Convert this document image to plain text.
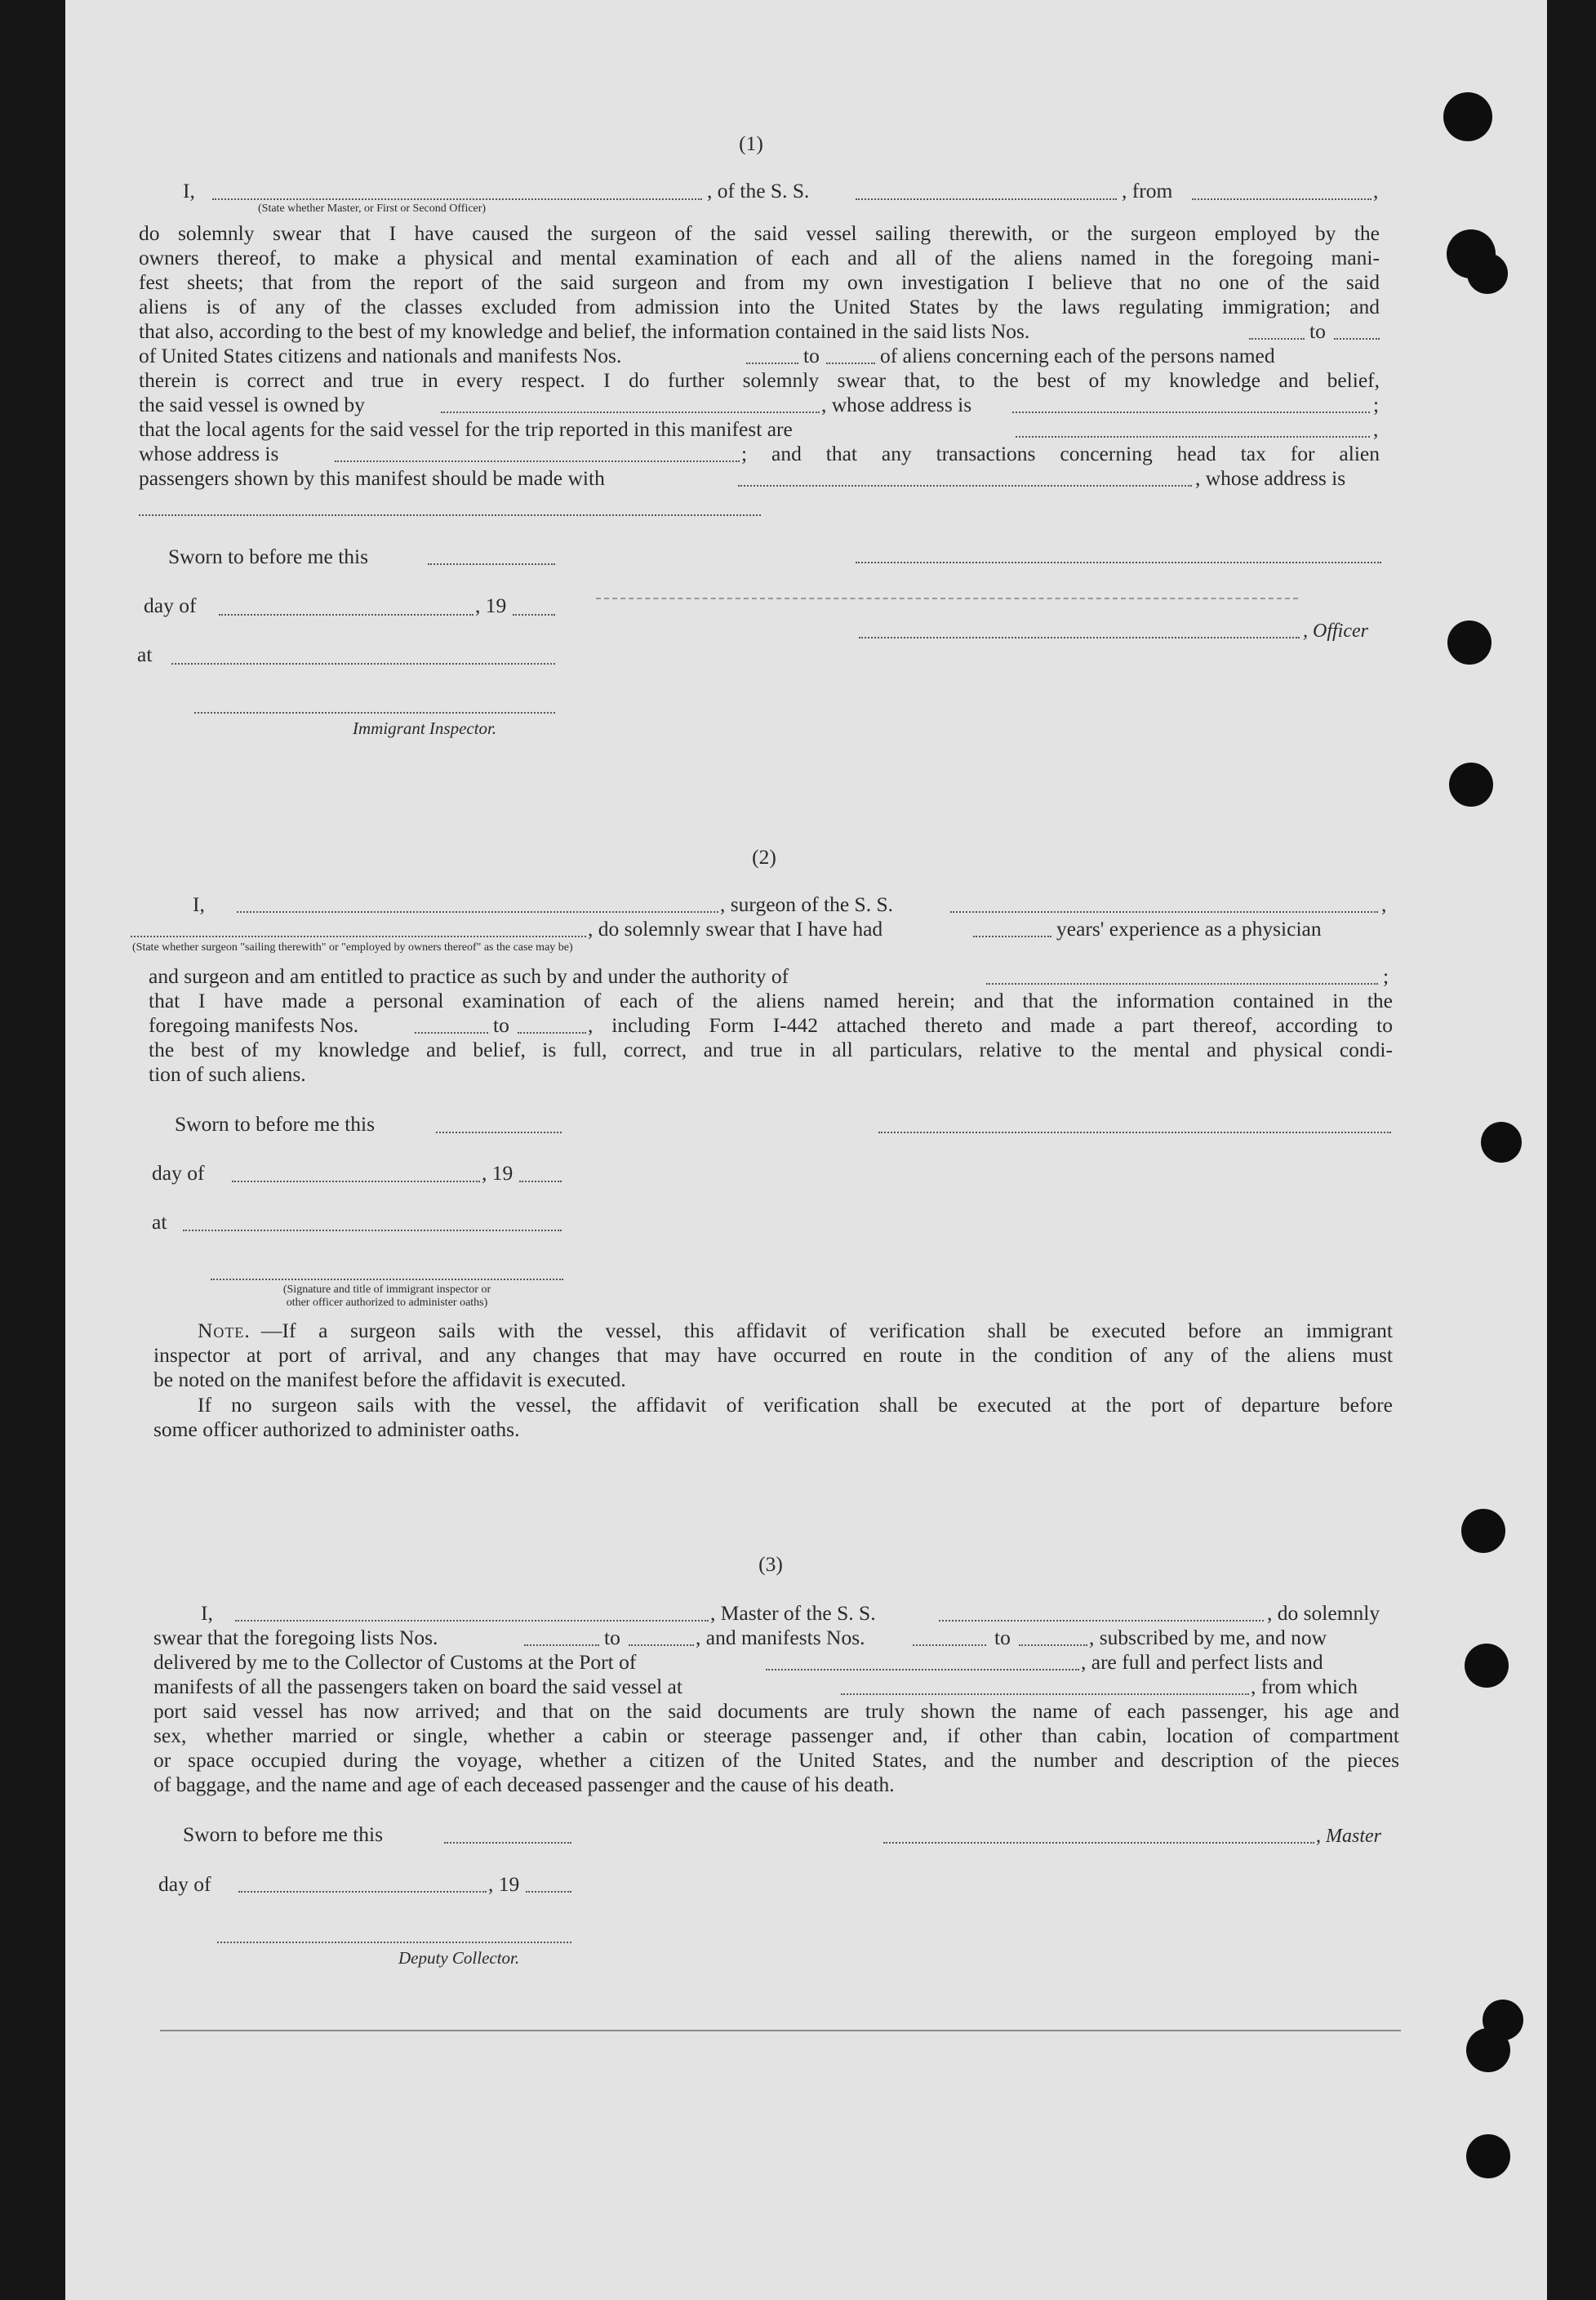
(1)
I,	, of the S. S.	, from	,
(State whether Master, or First or Second Officer)
do solemnly swear that I have caused the surgeon of the said vessel sailing therewith, or the surgeon employed by the
owners thereof, to make a physical and mental examination of each and all of the aliens named in the foregoing mani-
fest sheets; that from the report of the said surgeon and from my own investigation I believe that no one of the said
aliens is of any of the classes excluded from admission into the United States by the laws regulating immigration; and
that also, according to the best of my knowledge and belief, the information contained in the said lists Nos.	to
of United States citizens and nationals and manifests Nos.	to	of aliens concerning each of the persons named
therein is correct and true in every respect. I do further solemnly swear that, to the best of my knowledge and belief,
the said vessel is owned by	, whose address is	;
that the local agents for the said vessel for the trip reported in this manifest are	,
whose address is	; and that any transactions concerning head tax for alien
passengers shown by this manifest should be made with	, whose address is
Sworn to before me this
day of	, 19
at
, Officer
Immigrant Inspector.
(2)
I,	, surgeon of the S. S.	,
, do solemnly swear that I have had	years' experience as a physician
(State whether surgeon "sailing therewith" or "employed by owners thereof" as the case may be)
and surgeon and am entitled to practice as such by and under the authority of	;
that I have made a personal examination of each of the aliens named herein; and that the information contained in the
foregoing manifests Nos.	to	, including Form I-442 attached thereto and made a part thereof, according to
the best of my knowledge and belief, is full, correct, and true in all particulars, relative to the mental and physical condi-
tion of such aliens.
Sworn to before me this
day of	, 19
at
(Signature and title of immigrant inspector or
other officer authorized to administer oaths)
Note. —If a surgeon sails with the vessel, this affidavit of verification shall be executed before an immigrant
inspector at port of arrival, and any changes that may have occurred en route in the condition of any of the aliens must
be noted on the manifest before the affidavit is executed.
If no surgeon sails with the vessel, the affidavit of verification shall be executed at the port of departure before
some officer authorized to administer oaths.
(3)
I,	, Master of the S. S.	, do solemnly
swear that the foregoing lists Nos.	to	, and manifests Nos.	to	, subscribed by me, and now
delivered by me to the Collector of Customs at the Port of	, are full and perfect lists and
manifests of all the passengers taken on board the said vessel at	, from which
port said vessel has now arrived; and that on the said documents are truly shown the name of each passenger, his age and
sex, whether married or single, whether a cabin or steerage passenger and, if other than cabin, location of compartment
or space occupied during the voyage, whether a citizen of the United States, and the number and description of the pieces
of baggage, and the name and age of each deceased passenger and the cause of his death.
Sworn to before me this	, Master
day of	, 19
Deputy Collector.
